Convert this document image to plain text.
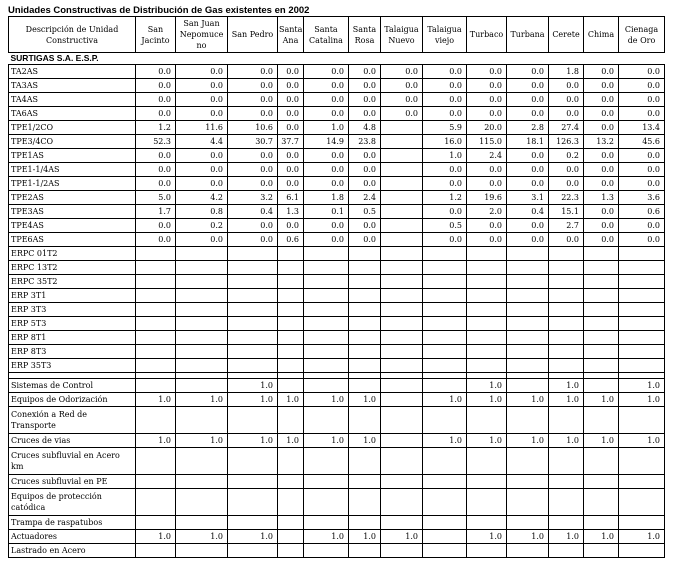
Unidades Constructivas de Distribución de Gas existentes en 2002
Descripción de Unidad Constructiva	San Jacinto	San Juan Nepomuce no	San Pedro	Santa Ana	Santa Catalina	Santa Rosa	Talaigua Nuevo	Talaigua viejo	Turbaco	Turbana	Cerete	Chima	Cienaga de Oro
SURTIGAS S.A. E.S.P.													
TA2AS	0.0	0.0	0.0	0.0	0.0	0.0	0.0	0.0	0.0	0.0	1.8	0.0	0.0
TA3AS	0.0	0.0	0.0	0.0	0.0	0.0	0.0	0.0	0.0	0.0	0.0	0.0	0.0
TA4AS	0.0	0.0	0.0	0.0	0.0	0.0	0.0	0.0	0.0	0.0	0.0	0.0	0.0
TA6AS	0.0	0.0	0.0	0.0	0.0	0.0	0.0	0.0	0.0	0.0	0.0	0.0	0.0
TPE1/2CO	1.2	11.6	10.6	0.0	1.0	4.8		5.9	20.0	2.8	27.4	0.0	13.4
TPE3/4CO	52.3	4.4	30.7	37.7	14.9	23.8		16.0	115.0	18.1	126.3	13.2	45.6
TPE1AS	0.0	0.0	0.0	0.0	0.0	0.0		1.0	2.4	0.0	0.2	0.0	0.0
TPE1-1/4AS	0.0	0.0	0.0	0.0	0.0	0.0		0.0	0.0	0.0	0.0	0.0	0.0
TPE1-1/2AS	0.0	0.0	0.0	0.0	0.0	0.0		0.0	0.0	0.0	0.0	0.0	0.0
TPE2AS	5.0	4.2	3.2	6.1	1.8	2.4		1.2	19.6	3.1	22.3	1.3	3.6
TPE3AS	1.7	0.8	0.4	1.3	0.1	0.5		0.0	2.0	0.4	15.1	0.0	0.6
TPE4AS	0.0	0.2	0.0	0.0	0.0	0.0		0.5	0.0	0.0	2.7	0.0	0.0
TPE6AS	0.0	0.0	0.0	0.6	0.0	0.0		0.0	0.0	0.0	0.0	0.0	0.0
ERPC 01T2													
ERPC 13T2													
ERPC 35T2													
ERP 3T1													
ERP 3T3													
ERP 5T3													
ERP 8T1													
ERP 8T3													
ERP 35T3													

Sistemas de Control			1.0						1.0		1.0		1.0
Equipos de Odorización	1.0	1.0	1.0	1.0	1.0	1.0		1.0	1.0	1.0	1.0	1.0	1.0
Conexión a Red de Transporte													
Cruces de vias	1.0	1.0	1.0	1.0	1.0	1.0		1.0	1.0	1.0	1.0	1.0	1.0
Cruces subfluvial en Acero km													
Cruces subfluvial en PE													
Equipos de protección catódica													
Trampa de raspatubos													
Actuadores	1.0	1.0	1.0		1.0	1.0	1.0		1.0	1.0	1.0	1.0	1.0
Lastrado en Acero													
